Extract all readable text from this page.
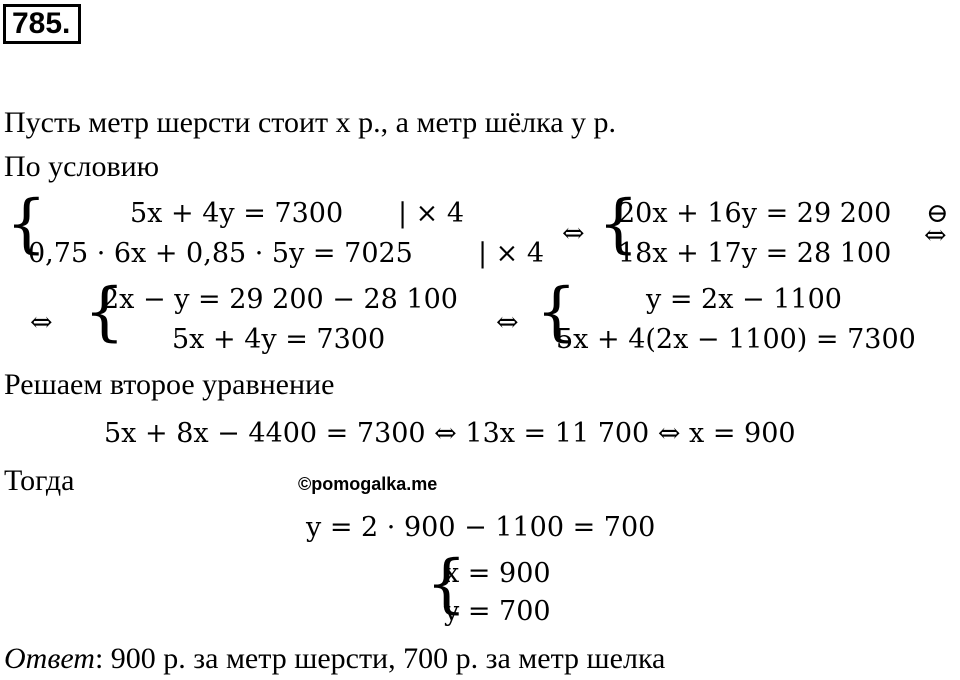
785.
Пусть метр шерсти стоит x р., а метр шёлка y р.
По условию
{	5x + 4y = 7300 | × 4
0,75 · 6x + 0,85 · 5y = 7025 | × 4
⇔ {
20x + 16y = 29 200 ⊖
18x + 17y = 28 100
⇔
⇔ {
2x − y = 29 200 − 28 100
5x + 4y = 7300
⇔ {	y = 2x − 1100
5x + 4(2x − 1100) = 7300
Решаем второе уравнение
5x + 8x − 4400 = 7300 ⇔ 13x = 11 700 ⇔ x = 900
Тогда	©pomogalka.me
y = 2 · 900 − 1100 = 700
{
x = 900
y = 700
Ответ: 900 р. за метр шерсти, 700 р. за метр шелка
